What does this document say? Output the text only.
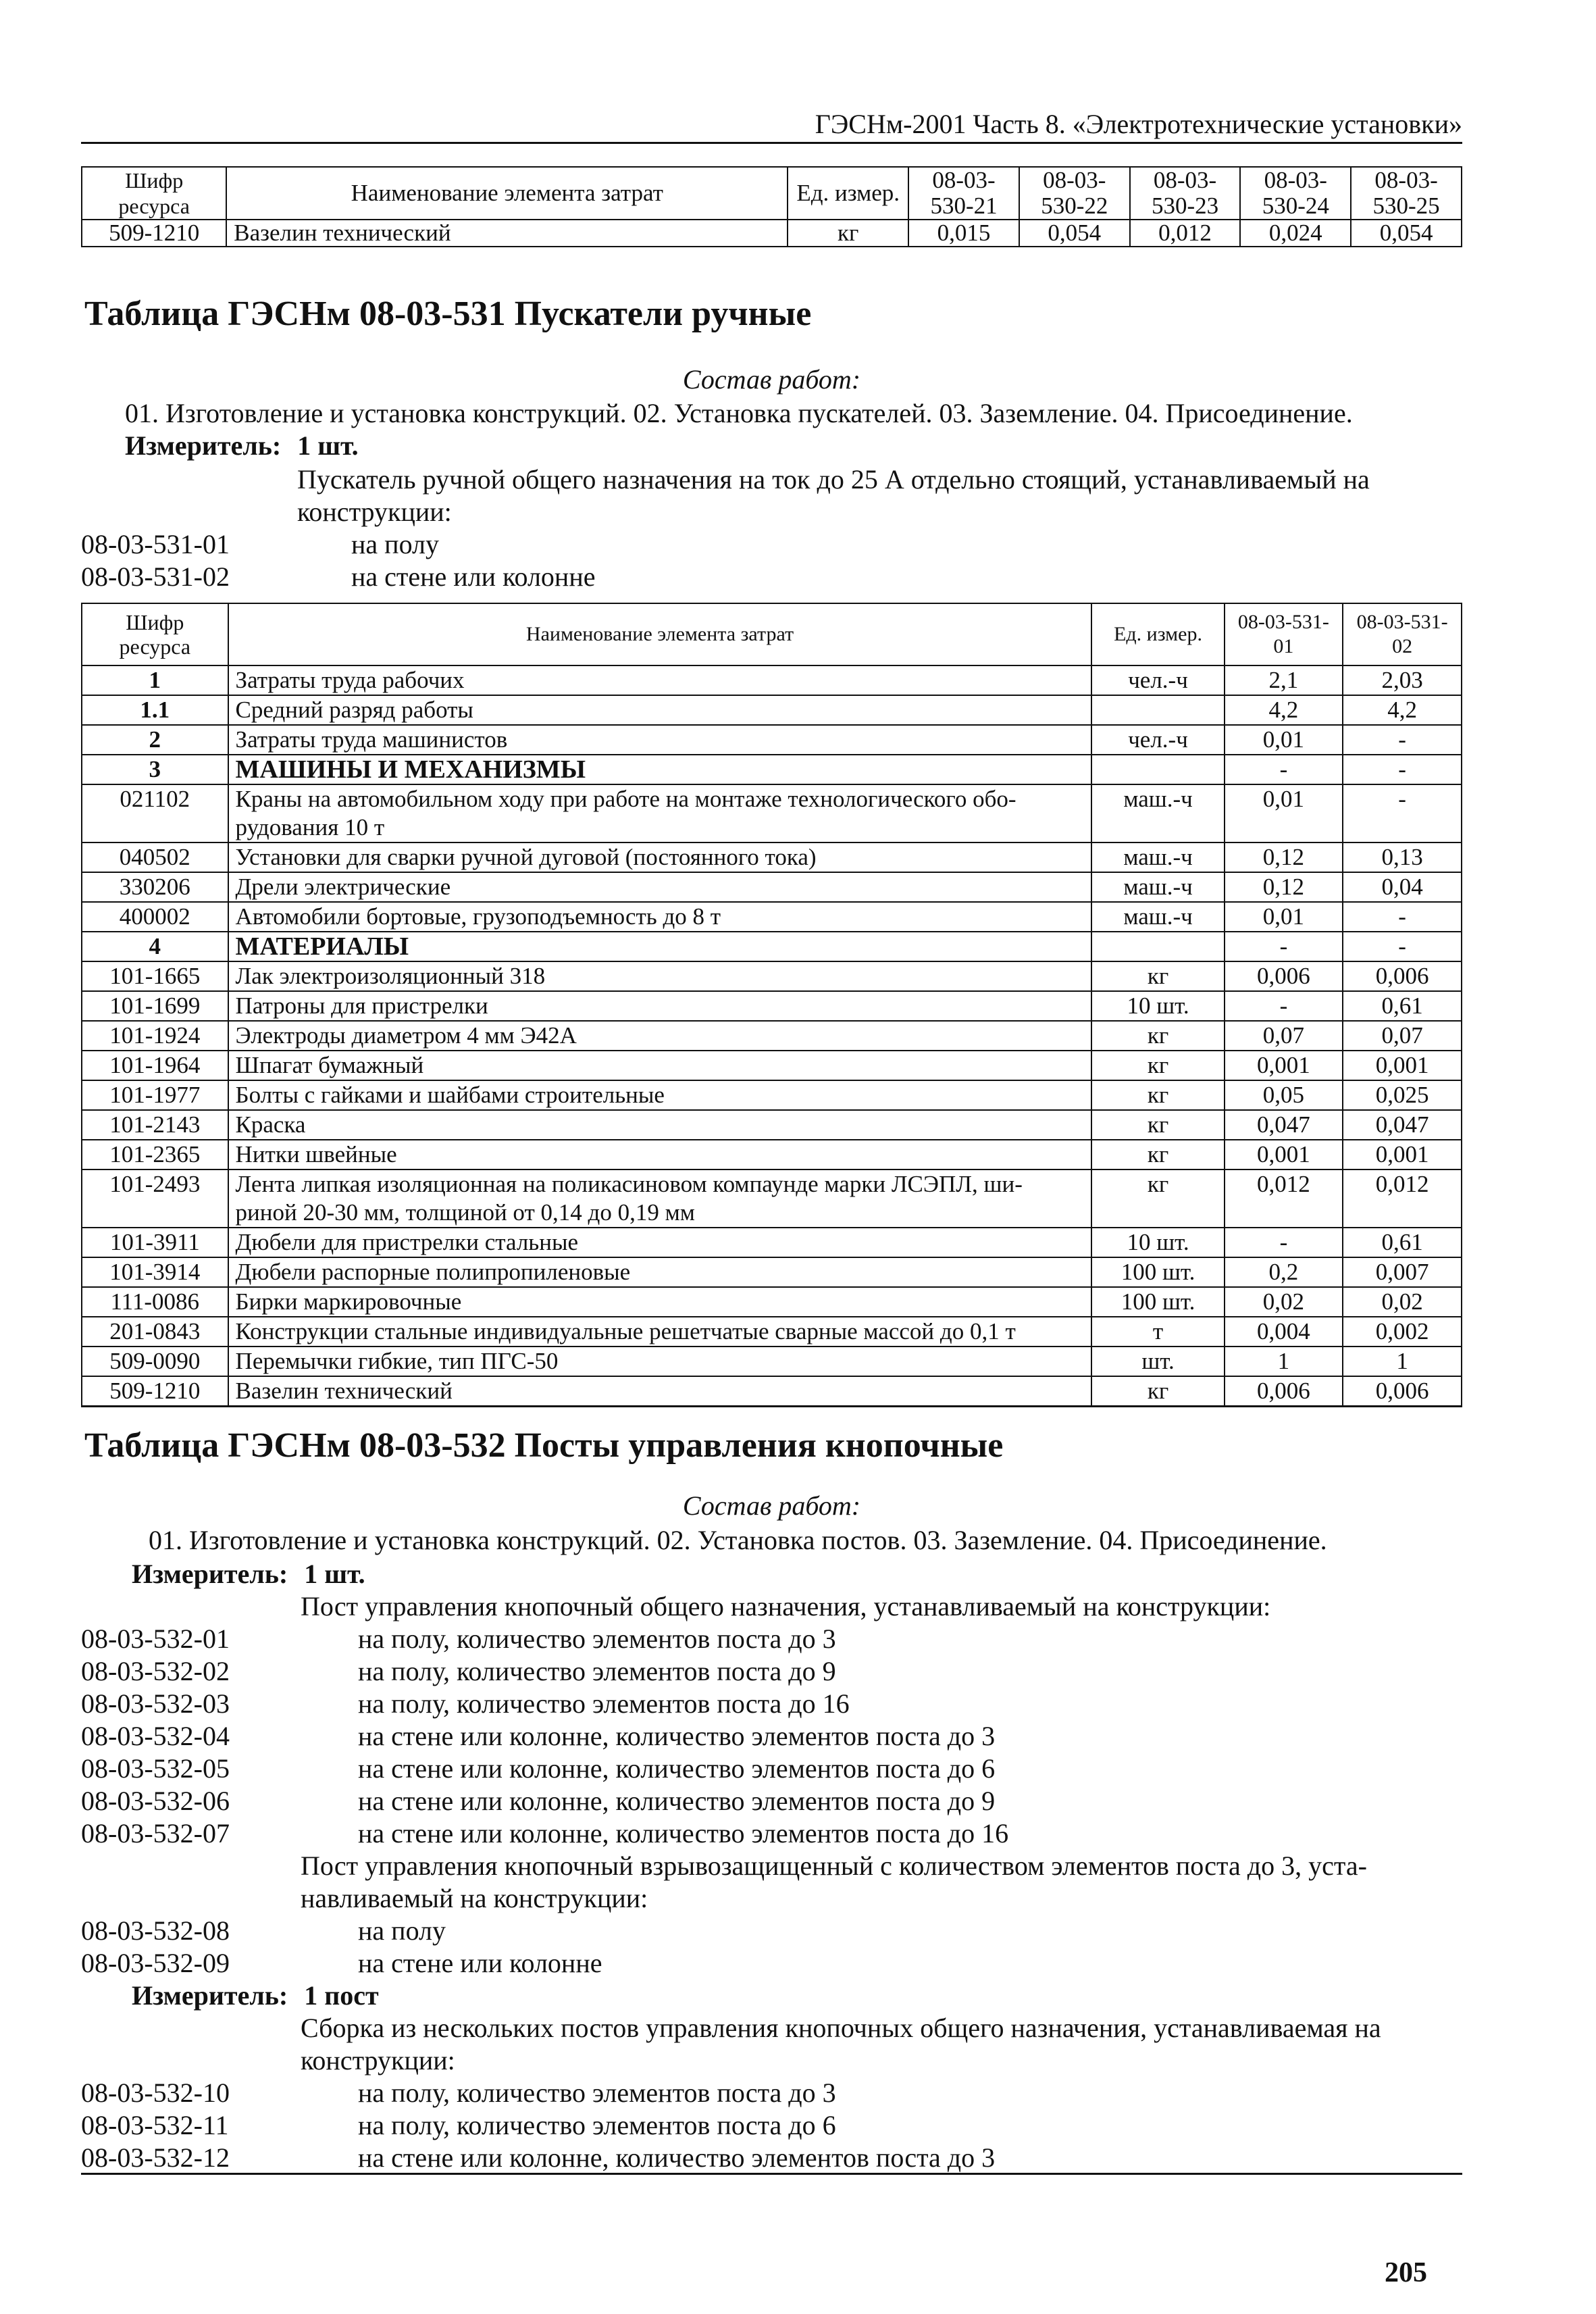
ГЭСНм-2001 Часть 8. «Электротехнические установки»
Шифр ресурса	Наименование элемента затрат	Ед. измер.	08-03-530-21	08-03-530-22	08-03-530-23	08-03-530-24	08-03-530-25
509-1210	Вазелин технический	кг	0,015	0,054	0,012	0,024	0,054
Таблица ГЭСНм 08-03-531 Пускатели ручные
Состав работ:
01. Изготовление и установка конструкций. 02. Установка пускателей. 03. Заземление. 04. Присоединение.
Измеритель: 1 шт.
Пускатель ручной общего назначения на ток до 25 А отдельно стоящий, устанавливаемый на
конструкции:
08-03-531-01	на полу
08-03-531-02	на стене или колонне
Шифр ресурса	Наименование элемента затрат	Ед. измер.	08-03-531-01	08-03-531-02
1	Затраты труда рабочих	чел.-ч	2,1	2,03
1.1	Средний разряд работы		4,2	4,2
2	Затраты труда машинистов	чел.-ч	0,01	-
3	МАШИНЫ И МЕХАНИЗМЫ		-	-
021102	Краны на автомобильном ходу при работе на монтаже технологического обо-
рудования 10 т	маш.-ч	0,01	-
040502	Установки для сварки ручной дуговой (постоянного тока)	маш.-ч	0,12	0,13
330206	Дрели электрические	маш.-ч	0,12	0,04
400002	Автомобили бортовые, грузоподъемность до 8 т	маш.-ч	0,01	-
4	МАТЕРИАЛЫ		-	-
101-1665	Лак электроизоляционный 318	кг	0,006	0,006
101-1699	Патроны для пристрелки	10 шт.	-	0,61
101-1924	Электроды диаметром 4 мм Э42А	кг	0,07	0,07
101-1964	Шпагат бумажный	кг	0,001	0,001
101-1977	Болты с гайками и шайбами строительные	кг	0,05	0,025
101-2143	Краска	кг	0,047	0,047
101-2365	Нитки швейные	кг	0,001	0,001
101-2493	Лента липкая изоляционная на поликасиновом компаунде марки ЛСЭПЛ, ши-
риной 20-30 мм, толщиной от 0,14 до 0,19 мм	кг	0,012	0,012
101-3911	Дюбели для пристрелки стальные	10 шт.	-	0,61
101-3914	Дюбели распорные полипропиленовые	100 шт.	0,2	0,007
111-0086	Бирки маркировочные	100 шт.	0,02	0,02
201-0843	Конструкции стальные индивидуальные решетчатые сварные массой до 0,1 т	т	0,004	0,002
509-0090	Перемычки гибкие, тип ПГС-50	шт.	1	1
509-1210	Вазелин технический	кг	0,006	0,006
Таблица ГЭСНм 08-03-532 Посты управления кнопочные
Состав работ:
01. Изготовление и установка конструкций. 02. Установка постов. 03. Заземление. 04. Присоединение.
Измеритель: 1 шт.
Пост управления кнопочный общего назначения, устанавливаемый на конструкции:
08-03-532-01	на полу, количество элементов поста до 3
08-03-532-02	на полу, количество элементов поста до 9
08-03-532-03	на полу, количество элементов поста до 16
08-03-532-04	на стене или колонне, количество элементов поста до 3
08-03-532-05	на стене или колонне, количество элементов поста до 6
08-03-532-06	на стене или колонне, количество элементов поста до 9
08-03-532-07	на стене или колонне, количество элементов поста до 16
Пост управления кнопочный взрывозащищенный с количеством элементов поста до 3, уста-
навливаемый на конструкции:
08-03-532-08	на полу
08-03-532-09	на стене или колонне
Измеритель: 1 пост
Сборка из нескольких постов управления кнопочных общего назначения, устанавливаемая на
конструкции:
08-03-532-10	на полу, количество элементов поста до 3
08-03-532-11	на полу, количество элементов поста до 6
08-03-532-12	на стене или колонне, количество элементов поста до 3
205
